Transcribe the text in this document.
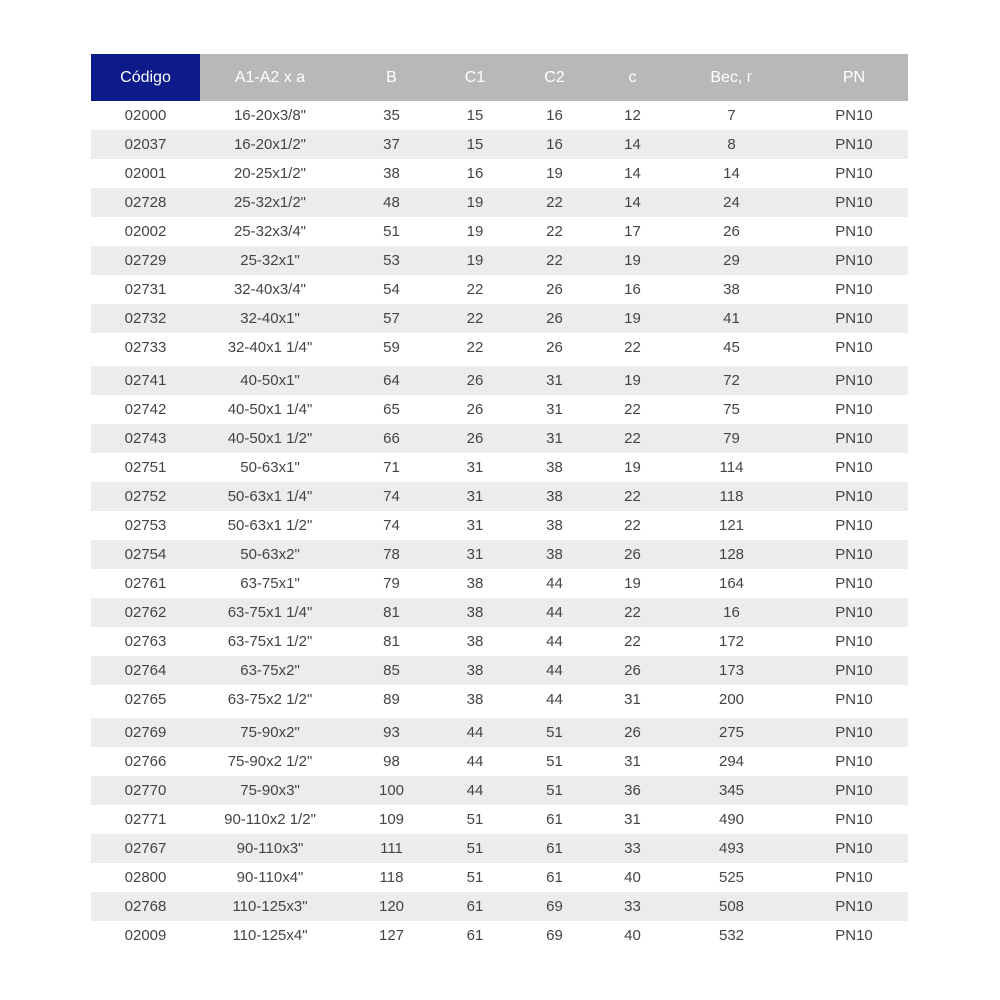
Código	A1-A2 x a	B	C1	C2	c	Вес, г	PN
02000	16-20x3/8"	35	15	16	12	7	PN10
02037	16-20x1/2"	37	15	16	14	8	PN10
02001	20-25x1/2"	38	16	19	14	14	PN10
02728	25-32x1/2"	48	19	22	14	24	PN10
02002	25-32x3/4"	51	19	22	17	26	PN10
02729	25-32x1"	53	19	22	19	29	PN10
02731	32-40x3/4"	54	22	26	16	38	PN10
02732	32-40x1"	57	22	26	19	41	PN10
02733	32-40x1 1/4"	59	22	26	22	45	PN10
02741	40-50x1"	64	26	31	19	72	PN10
02742	40-50x1 1/4"	65	26	31	22	75	PN10
02743	40-50x1 1/2"	66	26	31	22	79	PN10
02751	50-63x1"	71	31	38	19	114	PN10
02752	50-63x1 1/4"	74	31	38	22	118	PN10
02753	50-63x1 1/2"	74	31	38	22	121	PN10
02754	50-63x2"	78	31	38	26	128	PN10
02761	63-75x1"	79	38	44	19	164	PN10
02762	63-75x1 1/4"	81	38	44	22	16	PN10
02763	63-75x1 1/2"	81	38	44	22	172	PN10
02764	63-75x2"	85	38	44	26	173	PN10
02765	63-75x2 1/2"	89	38	44	31	200	PN10
02769	75-90x2"	93	44	51	26	275	PN10
02766	75-90x2 1/2"	98	44	51	31	294	PN10
02770	75-90x3"	100	44	51	36	345	PN10
02771	90-110x2 1/2"	109	51	61	31	490	PN10
02767	90-110x3"	111	51	61	33	493	PN10
02800	90-110x4"	118	51	61	40	525	PN10
02768	110-125x3"	120	61	69	33	508	PN10
02009	110-125x4"	127	61	69	40	532	PN10
